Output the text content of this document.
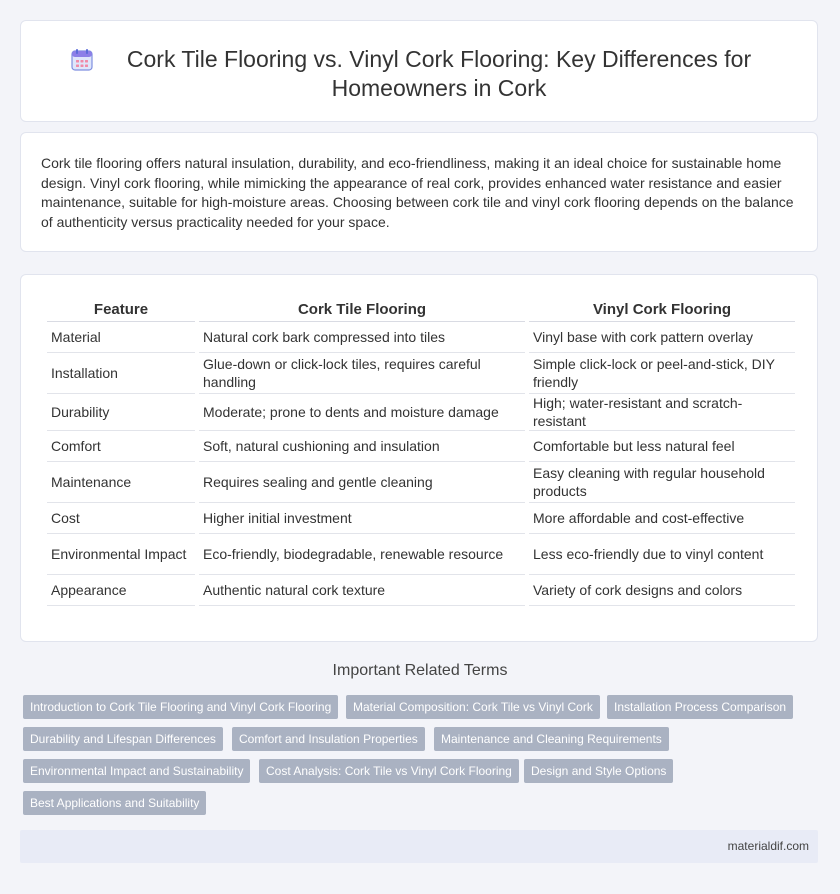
Cork Tile Flooring vs. Vinyl Cork Flooring: Key Differences for Homeowners in Cork

Cork tile flooring offers natural insulation, durability, and eco-friendliness, making it an ideal choice for sustainable home design. Vinyl cork flooring, while mimicking the appearance of real cork, provides enhanced water resistance and easier maintenance, suitable for high-moisture areas. Choosing between cork tile and vinyl cork flooring depends on the balance of authenticity versus practicality needed for your space.

Feature	Cork Tile Flooring	Vinyl Cork Flooring
Material	Natural cork bark compressed into tiles	Vinyl base with cork pattern overlay
Installation	Glue-down or click-lock tiles, requires careful handling	Simple click-lock or peel-and-stick, DIY friendly
Durability	Moderate; prone to dents and moisture damage	High; water-resistant and scratch-resistant
Comfort	Soft, natural cushioning and insulation	Comfortable but less natural feel
Maintenance	Requires sealing and gentle cleaning	Easy cleaning with regular household products
Cost	Higher initial investment	More affordable and cost-effective
Environmental Impact	Eco-friendly, biodegradable, renewable resource	Less eco-friendly due to vinyl content
Appearance	Authentic natural cork texture	Variety of cork designs and colors
Important Related Terms
Introduction to Cork Tile Flooring and Vinyl Cork Flooring	Material Composition: Cork Tile vs Vinyl Cork	Installation Process Comparison
Durability and Lifespan Differences	Comfort and Insulation Properties	Maintenance and Cleaning Requirements
Environmental Impact and Sustainability	Cost Analysis: Cork Tile vs Vinyl Cork Flooring	Design and Style Options
Best Applications and Suitability
materialdif.com
